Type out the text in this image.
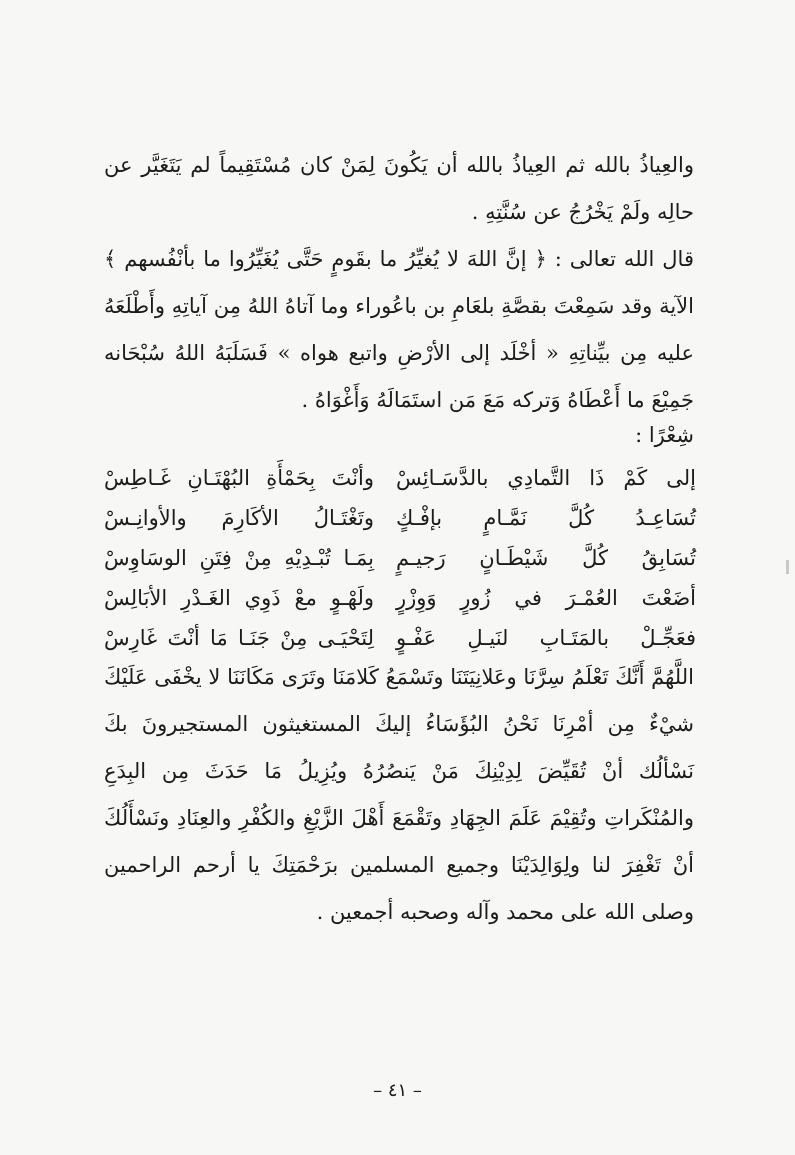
والعِياذُ بالله ثم العِياذُ بالله أن يَكُونَ لِمَنْ كان مُسْتَقِيماً لم يَتَغَيَّر عن حالِه ولَمْ يَخْرُجُ عن سُنَّتِهِ .
قال الله تعالى : ﴿ إنَّ اللهَ لا يُغيِّرُ ما بقَومٍ حَتَّى يُغَيِّرُوا ما بأنْفُسهم ﴾ الآية وقد سَمِعْتَ بقصَّةِ بلعَامِ بن باعُوراء وما آتاهُ اللهُ مِن آياتِهِ وأَطْلَعَهُ عليه مِن بيِّناتِهِ « أخْلَد إلى الأرْضِ واتبع هواه » فَسَلَبَهُ اللهُ سُبْحَانه جَمِيْعَ ما أَعْطَاهُ وَتركه مَعَ مَن استَمَالَهُ وَأَغْوَاهُ .
شِعْرًا :
إلى كَمْ ذَا التَّمادِي بالدَّسَـائِسْ
وأنْتَ بِحَمْأَةِ البُهْتَـانِ غَـاطِسْ
تُسَاعِـدُ كُلَّ نَمَّـامٍ بإفْـكٍ
وتَغْتَـالُ الأكَارِمَ والأوانِـسْ
تُسَابِقُ كُلَّ شَيْطَـانٍ رَجيـمٍ
بِمَـا تُبْـدِيْهِ مِنْ فِتَنِ الوسَاوِسْ
أضَعْتَ العُمْـرَ في زُورٍ وَوِزْرٍ
ولَهْـوٍ معْ ذَوِي الغَـدْرِ الأبَالِسْ
فعَجِّـلْ بالمَتَـابِ لنَيـلِ عَفْـوٍ
لِتَحْيَـى مِنْ جَنَـا مَا أنْتَ غَارِسْ
اللَّهُمَّ أَنَّكَ تَعْلَمُ سِرَّنَا وعَلانِيَتَنَا وتَسْمَعُ كَلامَنَا وتَرَى مَكَانَنَا لا يخْفَى عَلَيْكَ شيْءٌ مِن أمْرِنَا نَحْنُ البُؤَسَاءُ إليكَ المستغيثون المستجيرونَ بكَ نَسْألُك أنْ تُقَيِّضَ لِدِيْنِكَ مَنْ يَنصُرُهُ ويُزِيلُ مَا حَدَثَ مِن البِدَعِ والمُنْكَراتِ وتُقِيْمَ عَلَمَ الجِهَادِ وتَقْمَعَ أَهْلَ الزَّيْغِ والكُفْرِ والعِنَادِ ونَسْأَلُكَ أنْ تَغْفِرَ لنا ولِوَالِدَيْنَا وجميع المسلمين برَحْمَتِكَ يا أرحم الراحمين وصلى الله على محمد وآله وصحبه أجمعين .
– ٤١ –
